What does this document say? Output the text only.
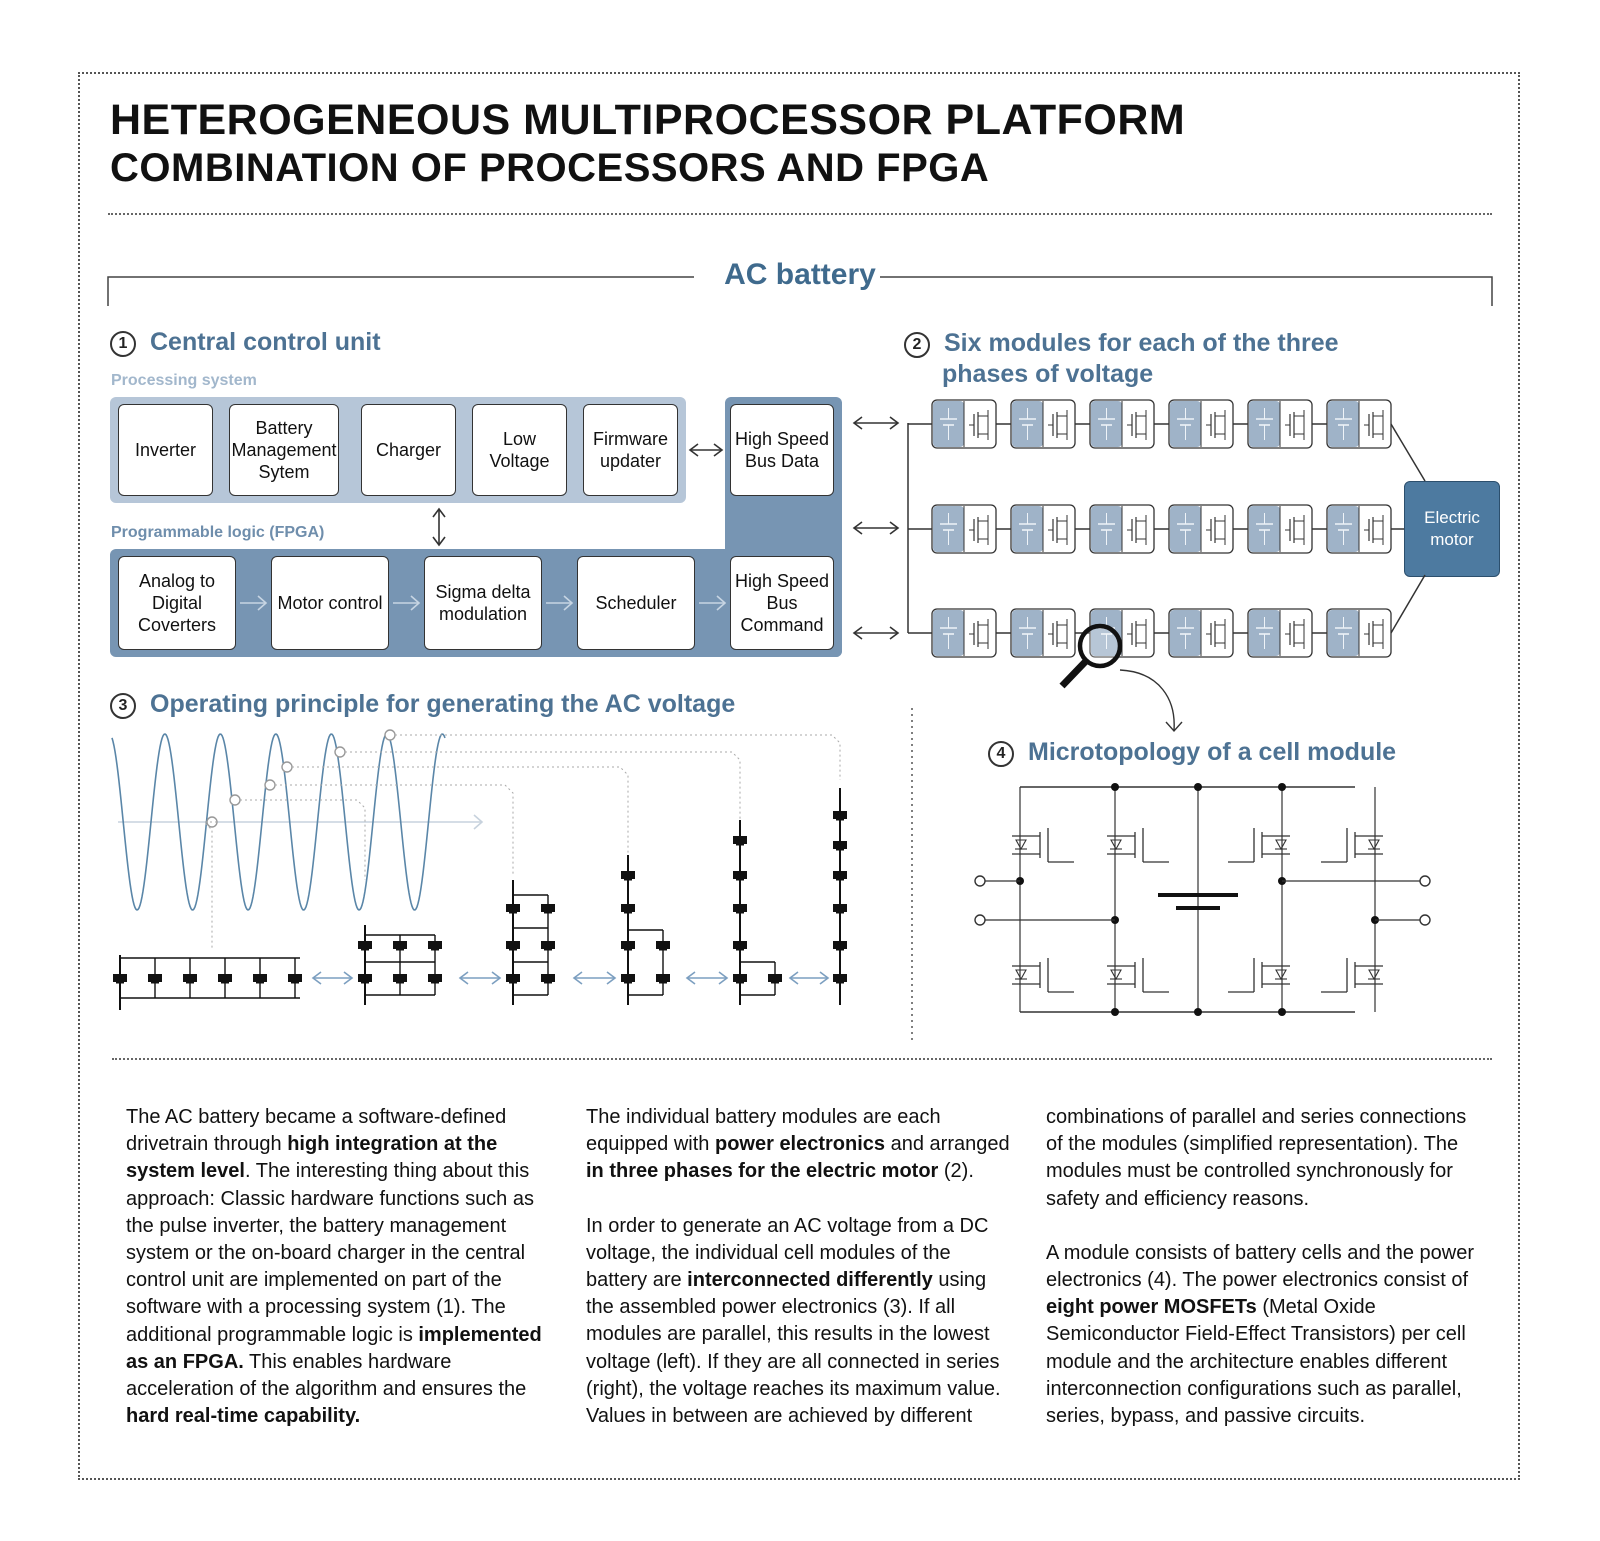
HETEROGENEOUS MULTIPROCESSOR PLATFORM
COMBINATION OF PROCESSORS AND FPGA
AC battery
1 Central control unit
Processing system
Inverter
Battery Management Sytem
Charger
Low Voltage
Firmware updater
High Speed Bus Data
Programmable logic (FPGA)
Analog to Digital Coverters
Motor control
Sigma delta modulation
Scheduler
High Speed Bus Command
2 Six modules for each of the three
phases of voltage
Electric motor
3 Operating principle for generating the AC voltage
4 Microtopology of a cell module

The AC battery became a software-defined drivetrain through high integration at the system level. The interesting thing about this approach: Classic hardware functions such as the pulse inverter, the battery management system or the on-board charger in the central control unit are implemented on part of the software with a processing system (1). The additional programmable logic is implemented as an FPGA. This enables hardware acceleration of the algorithm and ensures the hard real-time capability.

The individual battery modules are each equipped with power electronics and arranged in three phases for the electric motor (2).

In order to generate an AC voltage from a DC voltage, the individual cell modules of the battery are interconnected differently using the assembled power electronics (3). If all modules are parallel, this results in the lowest voltage (left). If they are all connected in series (right), the voltage reaches its maximum value. Values in between are achieved by different

combinations of parallel and series connections of the modules (simplified representation). The modules must be controlled synchronously for safety and efficiency reasons.

A module consists of battery cells and the power electronics (4). The power electronics consist of eight power MOSFETs (Metal Oxide Semiconductor Field-Effect Transistors) per cell module and the architecture enables different interconnection configurations such as parallel, series, bypass, and passive circuits.
